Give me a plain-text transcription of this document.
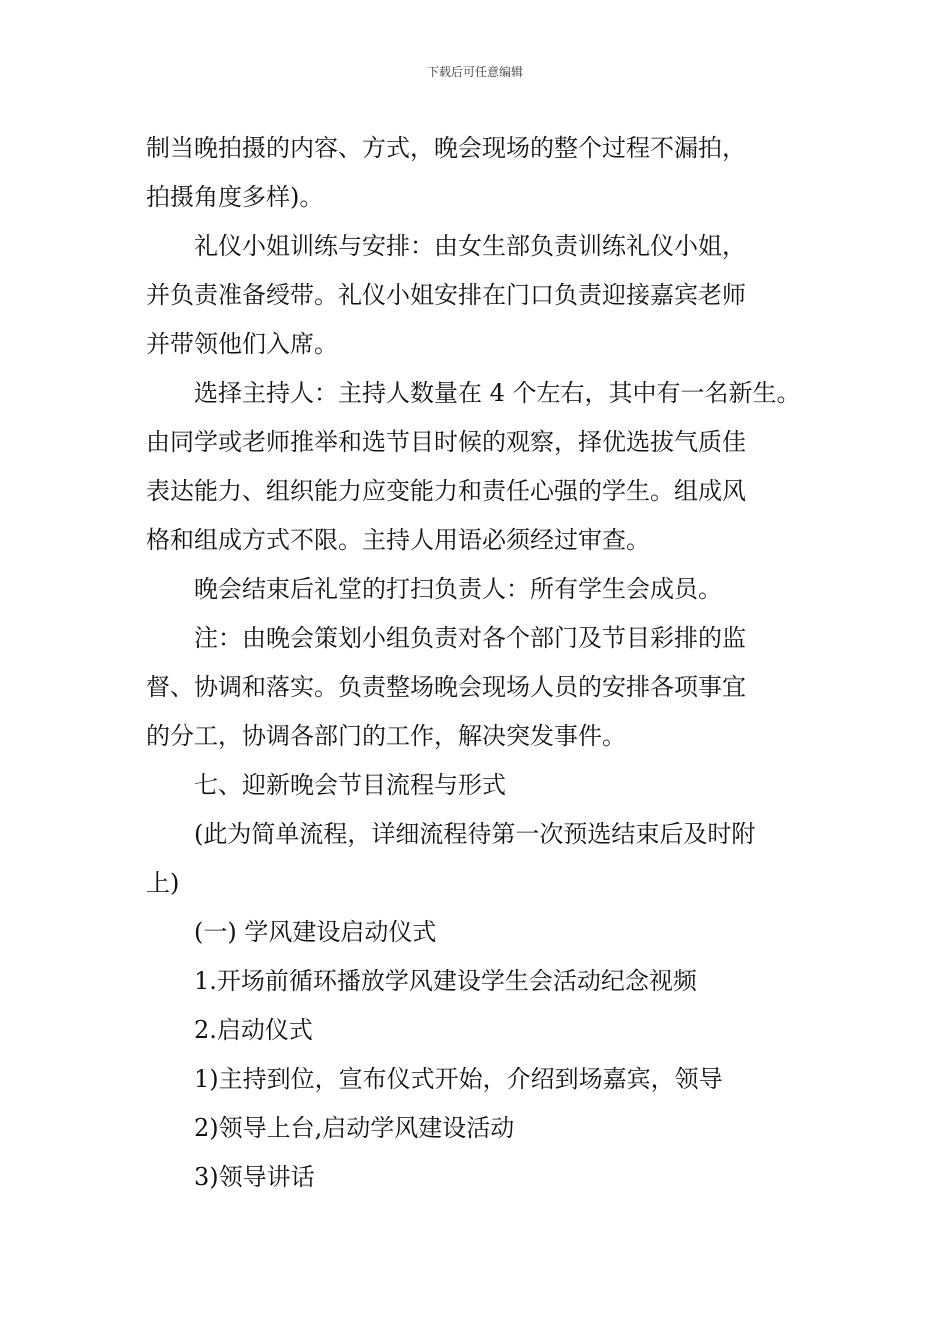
下载后可任意编辑

制当晚拍摄的内容、方式，晚会现场的整个过程不漏拍，
拍摄角度多样)。

礼仪小姐训练与安排：由女生部负责训练礼仪小姐，
并负责准备绶带。礼仪小姐安排在门口负责迎接嘉宾老师
并带领他们入席。

选择主持人：主持人数量在 4 个左右，其中有一名新生。
由同学或老师推举和选节目时候的观察，择优选拔气质佳
表达能力、组织能力应变能力和责任心强的学生。组成风
格和组成方式不限。主持人用语必须经过审查。

晚会结束后礼堂的打扫负责人：所有学生会成员。

注：由晚会策划小组负责对各个部门及节目彩排的监
督、协调和落实。负责整场晚会现场人员的安排各项事宜
的分工，协调各部门的工作，解决突发事件。

七、迎新晚会节目流程与形式

(此为简单流程，详细流程待第一次预选结束后及时附
上)

(一) 学风建设启动仪式

1.开场前循环播放学风建设学生会活动纪念视频

2.启动仪式

1)主持到位，宣布仪式开始，介绍到场嘉宾，领导

2)领导上台,启动学风建设活动

3)领导讲话
